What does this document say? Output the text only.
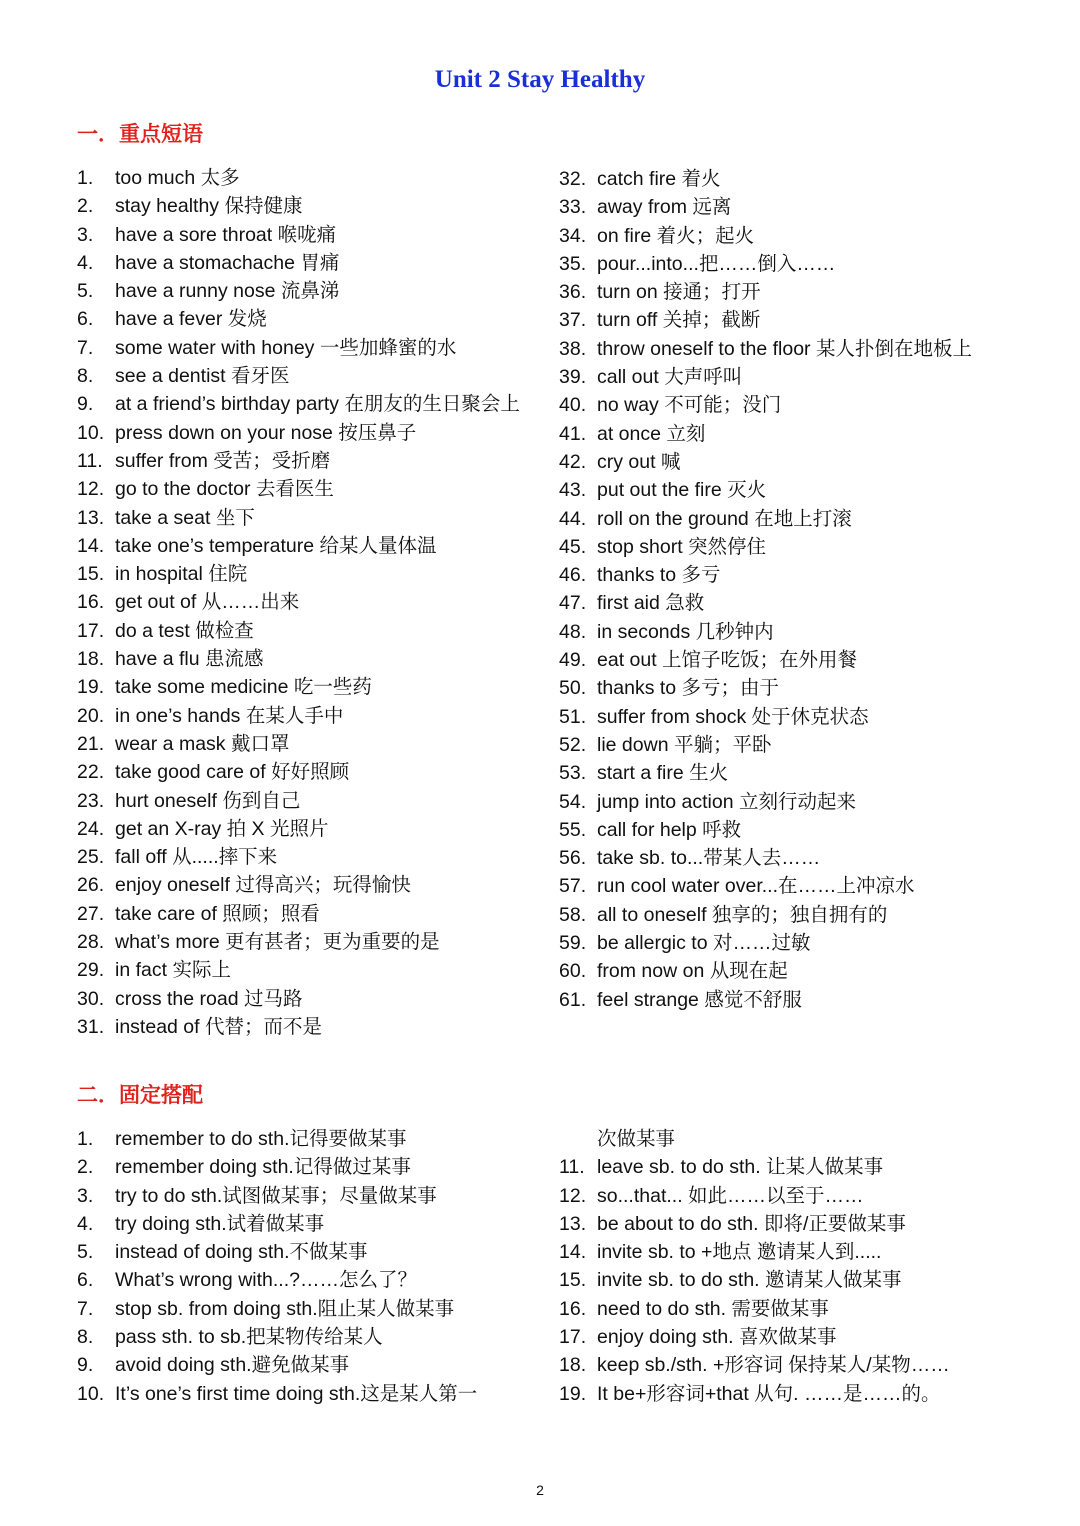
Unit 2 Stay Healthy
一．重点短语
1.	too much 太多
2.	stay healthy 保持健康
3.	have a sore throat 喉咙痛
4.	have a stomachache 胃痛
5.	have a runny nose 流鼻涕
6.	have a fever 发烧
7.	some water with honey 一些加蜂蜜的水
8.	see a dentist 看牙医
9.	at a friend’s birthday party 在朋友的生日聚会上
10. press down on your nose 按压鼻子
11. suffer from 受苦；受折磨
12. go to the doctor 去看医生
13. take a seat 坐下
14. take one’s temperature 给某人量体温
15. in hospital 住院
16. get out of 从……出来
17. do a test 做检查
18. have a flu 患流感
19. take some medicine 吃一些药
20. in one’s hands 在某人手中
21. wear a mask 戴口罩
22. take good care of 好好照顾
23. hurt oneself 伤到自己
24. get an X-ray 拍 X 光照片
25. fall off 从.....摔下来
26. enjoy oneself 过得高兴；玩得愉快
27. take care of 照顾；照看
28. what’s more 更有甚者；更为重要的是
29. in fact 实际上
30. cross the road 过马路
31. instead of 代替；而不是
32. catch fire 着火
33. away from 远离
34. on fire 着火；起火
35. pour...into...把……倒入……
36. turn on 接通；打开
37. turn off 关掉；截断
38. throw oneself to the floor 某人扑倒在地板上
39. call out 大声呼叫
40. no way 不可能；没门
41. at once 立刻
42. cry out 喊
43. put out the fire 灭火
44. roll on the ground 在地上打滚
45. stop short 突然停住
46. thanks to 多亏
47. first aid 急救
48. in seconds 几秒钟内
49. eat out 上馆子吃饭；在外用餐
50. thanks to 多亏；由于
51. suffer from shock 处于休克状态
52. lie down 平躺；平卧
53. start a fire 生火
54. jump into action 立刻行动起来
55. call for help 呼救
56. take sb. to...带某人去……
57. run cool water over...在……上冲凉水
58. all to oneself 独享的；独自拥有的
59. be allergic to 对……过敏
60. from now on 从现在起
61. feel strange 感觉不舒服
二．固定搭配
1.	remember to do sth.记得要做某事
2.	remember doing sth.记得做过某事
3.	try to do sth.试图做某事；尽量做某事
4.	try doing sth.试着做某事
5.	instead of doing sth.不做某事
6.	What’s wrong with...?……怎么了？
7.	stop sb. from doing sth.阻止某人做某事
8.	pass sth. to sb.把某物传给某人
9.	avoid doing sth.避免做某事
10. It’s one’s first time doing sth.这是某人第一
次做某事
11. leave sb. to do sth. 让某人做某事
12. so...that... 如此……以至于……
13. be about to do sth. 即将/正要做某事
14. invite sb. to +地点 邀请某人到.....
15. invite sb. to do sth. 邀请某人做某事
16. need to do sth. 需要做某事
17. enjoy doing sth. 喜欢做某事
18. keep sb./sth. +形容词 保持某人/某物……
19. It be+形容词+that 从句. ……是……的。
2
